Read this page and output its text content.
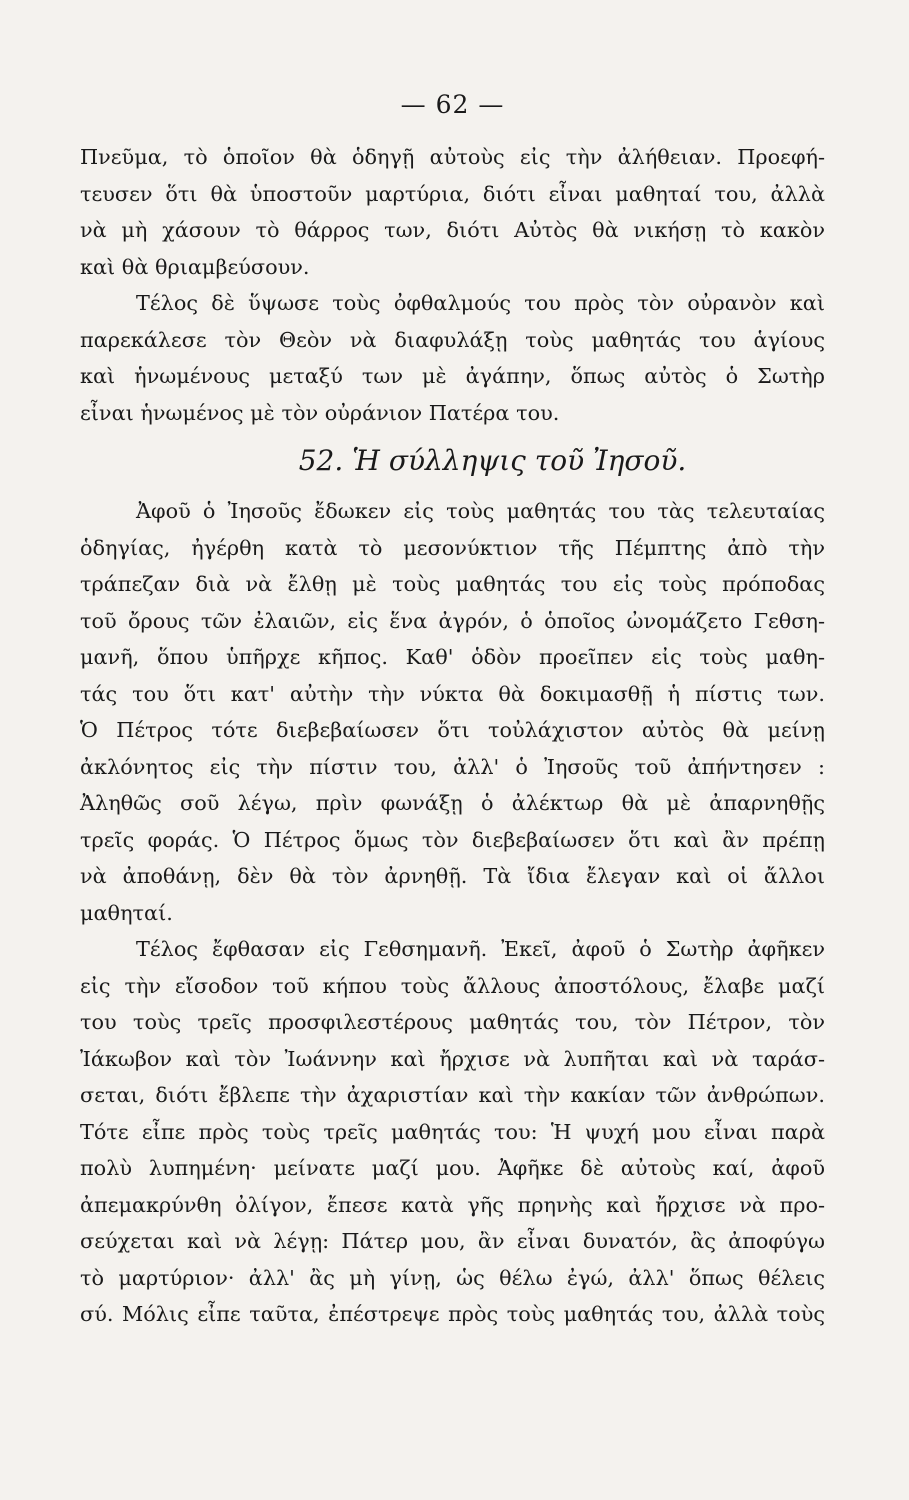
— 62 —

Πνεῦμα, τὸ ὁποῖον θὰ ὁδηγῇ αὐτοὺς εἰς τὴν ἀλήθειαν. Προεφή-
τευσεν ὅτι θὰ ὑποστοῦν μαρτύρια, διότι εἶναι μαθηταί του, ἀλλὰ
νὰ μὴ χάσουν τὸ θάρρος των, διότι Αὐτὸς θὰ νικήσῃ τὸ κακὸν
καὶ θὰ θριαμβεύσουν.

Τέλος δὲ ὕψωσε τοὺς ὀφθαλμούς του πρὸς τὸν οὐρανὸν καὶ
παρεκάλεσε τὸν Θεὸν νὰ διαφυλάξῃ τοὺς μαθητάς του ἁγίους
καὶ ἡνωμένους μεταξύ των μὲ ἀγάπην, ὅπως αὐτὸς ὁ Σωτὴρ
εἶναι ἡνωμένος μὲ τὸν οὐράνιον Πατέρα του.

52. Ἡ σύλληψις τοῦ Ἰησοῦ.

Ἀφοῦ ὁ Ἰησοῦς ἔδωκεν εἰς τοὺς μαθητάς του τὰς τελευταίας
ὁδηγίας, ἠγέρθη κατὰ τὸ μεσονύκτιον τῆς Πέμπτης ἀπὸ τὴν
τράπεζαν διὰ νὰ ἔλθῃ μὲ τοὺς μαθητάς του εἰς τοὺς πρόποδας
τοῦ ὄρους τῶν ἐλαιῶν, εἰς ἕνα ἀγρόν, ὁ ὁποῖος ὠνομάζετο Γεθση-
μανῆ, ὅπου ὑπῆρχε κῆπος. Καθ' ὁδὸν προεῖπεν εἰς τοὺς μαθη-
τάς του ὅτι κατ' αὐτὴν τὴν νύκτα θὰ δοκιμασθῇ ἡ πίστις των.
Ὁ Πέτρος τότε διεβεβαίωσεν ὅτι τοὐλάχιστον αὐτὸς θὰ μείνῃ
ἀκλόνητος εἰς τὴν πίστιν του, ἀλλ' ὁ Ἰησοῦς τοῦ ἀπήντησεν :
Ἀληθῶς σοῦ λέγω, πρὶν φωνάξῃ ὁ ἀλέκτωρ θὰ μὲ ἀπαρνηθῇς
τρεῖς φοράς. Ὁ Πέτρος ὅμως τὸν διεβεβαίωσεν ὅτι καὶ ἂν πρέπῃ
νὰ ἀποθάνῃ, δὲν θὰ τὸν ἀρνηθῇ. Τὰ ἴδια ἔλεγαν καὶ οἱ ἄλλοι
μαθηταί.

Τέλος ἔφθασαν εἰς Γεθσημανῆ. Ἐκεῖ, ἀφοῦ ὁ Σωτὴρ ἀφῆκεν
εἰς τὴν εἴσοδον τοῦ κήπου τοὺς ἄλλους ἀποστόλους, ἔλαβε μαζί
του τοὺς τρεῖς προσφιλεστέρους μαθητάς του, τὸν Πέτρον, τὸν
Ἰάκωβον καὶ τὸν Ἰωάννην καὶ ἤρχισε νὰ λυπῆται καὶ νὰ ταράσ-
σεται, διότι ἔβλεπε τὴν ἀχαριστίαν καὶ τὴν κακίαν τῶν ἀνθρώπων.
Τότε εἶπε πρὸς τοὺς τρεῖς μαθητάς του: Ἡ ψυχή μου εἶναι παρὰ
πολὺ λυπημένη· μείνατε μαζί μου. Ἀφῆκε δὲ αὐτοὺς καί, ἀφοῦ
ἀπεμακρύνθη ὀλίγον, ἔπεσε κατὰ γῆς πρηνὴς καὶ ἤρχισε νὰ προ-
σεύχεται καὶ νὰ λέγῃ: Πάτερ μου, ἂν εἶναι δυνατόν, ἂς ἀποφύγω
τὸ μαρτύριον· ἀλλ' ἂς μὴ γίνῃ, ὡς θέλω ἐγώ, ἀλλ' ὅπως θέλεις
σύ. Μόλις εἶπε ταῦτα, ἐπέστρεψε πρὸς τοὺς μαθητάς του, ἀλλὰ τοὺς
